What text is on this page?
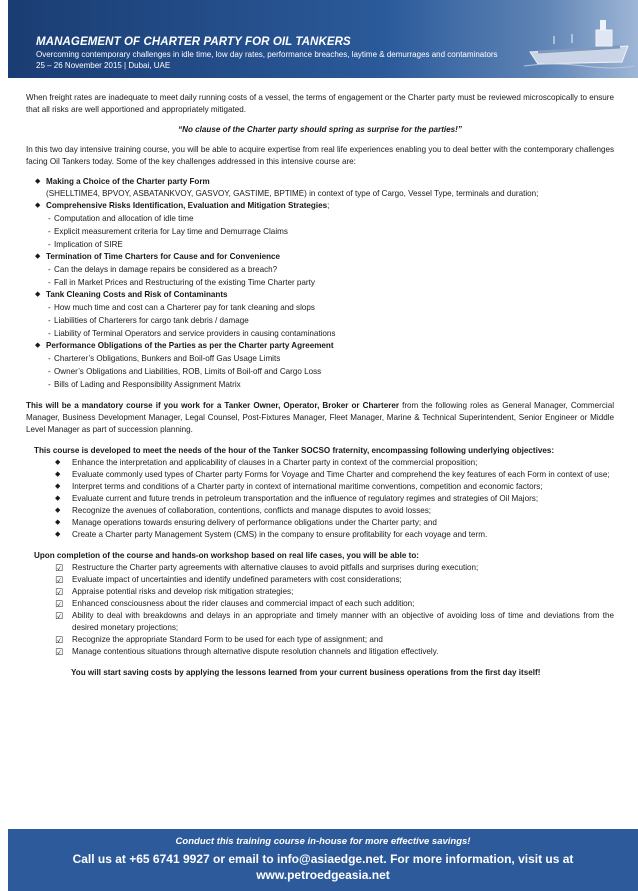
MANAGEMENT OF CHARTER PARTY FOR OIL TANKERS
Overcoming contemporary challenges in idle time, low day rates, performance breaches, laytime & demurrages and contaminators
25 – 26 November 2015 | Dubai, UAE

When freight rates are inadequate to meet daily running costs of a vessel, the terms of engagement or the Charter party must be reviewed microscopically to ensure that all risks are well apportioned and appropriately mitigated.

“No clause of the Charter party should spring as surprise for the parties!”

In this two day intensive training course, you will be able to acquire expertise from real life experiences enabling you to deal better with the contemporary challenges facing Oil Tankers today. Some of the key challenges addressed in this intensive course are:

◆ Making a Choice of the Charter party Form
(SHELLTIME4, BPVOY, ASBATANKVOY, GASVOY, GASTIME, BPTIME) in context of type of Cargo, Vessel Type, terminals and duration;
◆ Comprehensive Risks Identification, Evaluation and Mitigation Strategies;
- Computation and allocation of idle time
- Explicit measurement criteria for Lay time and Demurrage Claims
- Implication of SIRE
◆ Termination of Time Charters for Cause and for Convenience
- Can the delays in damage repairs be considered as a breach?
- Fall in Market Prices and Restructuring of the existing Time Charter party
◆ Tank Cleaning Costs and Risk of Contaminants
- How much time and cost can a Charterer pay for tank cleaning and slops
- Liabilities of Charterers for cargo tank debris / damage
- Liability of Terminal Operators and service providers in causing contaminations
◆ Performance Obligations of the Parties as per the Charter party Agreement
- Charterer’s Obligations, Bunkers and Boil-off Gas Usage Limits
- Owner’s Obligations and Liabilities, ROB, Limits of Boil-off and Cargo Loss
- Bills of Lading and Responsibility Assignment Matrix

This will be a mandatory course if you work for a Tanker Owner, Operator, Broker or Charterer from the following roles as General Manager, Commercial Manager, Business Development Manager, Legal Counsel, Post-Fixtures Manager, Fleet Manager, Marine & Technical Superintendent, Senior Engineer or Middle Level Manager as part of succession planning.

This course is developed to meet the needs of the hour of the Tanker SOCSO fraternity, encompassing following underlying objectives:

◆ Enhance the interpretation and applicability of clauses in a Charter party in context of the commercial proposition;
◆ Evaluate commonly used types of Charter party Forms for Voyage and Time Charter and comprehend the key features of each Form in context of use;
◆ Interpret terms and conditions of a Charter party in context of international maritime conventions, competition and economic factors;
◆ Evaluate current and future trends in petroleum transportation and the influence of regulatory regimes and strategies of Oil Majors;
◆ Recognize the avenues of collaboration, contentions, conflicts and manage disputes to avoid losses;
◆ Manage operations towards ensuring delivery of performance obligations under the Charter party; and
◆ Create a Charter party Management System (CMS) in the company to ensure profitability for each voyage and term.

Upon completion of the course and hands-on workshop based on real life cases, you will be able to:

☑ Restructure the Charter party agreements with alternative clauses to avoid pitfalls and surprises during execution;
☑ Evaluate impact of uncertainties and identify undefined parameters with cost considerations;
☑ Appraise potential risks and develop risk mitigation strategies;
☑ Enhanced consciousness about the rider clauses and commercial impact of each such addition;
☑ Ability to deal with breakdowns and delays in an appropriate and timely manner with an objective of avoiding loss of time and deviations from the desired monetary projections;
☑ Recognize the appropriate Standard Form to be used for each type of assignment; and
☑ Manage contentious situations through alternative dispute resolution channels and litigation effectively.

You will start saving costs by applying the lessons learned from your current business operations from the first day itself!

Conduct this training course in-house for more effective savings!
Call us at +65 6741 9927 or email to info@asiaedge.net. For more information, visit us at
www.petroedgeasia.net
